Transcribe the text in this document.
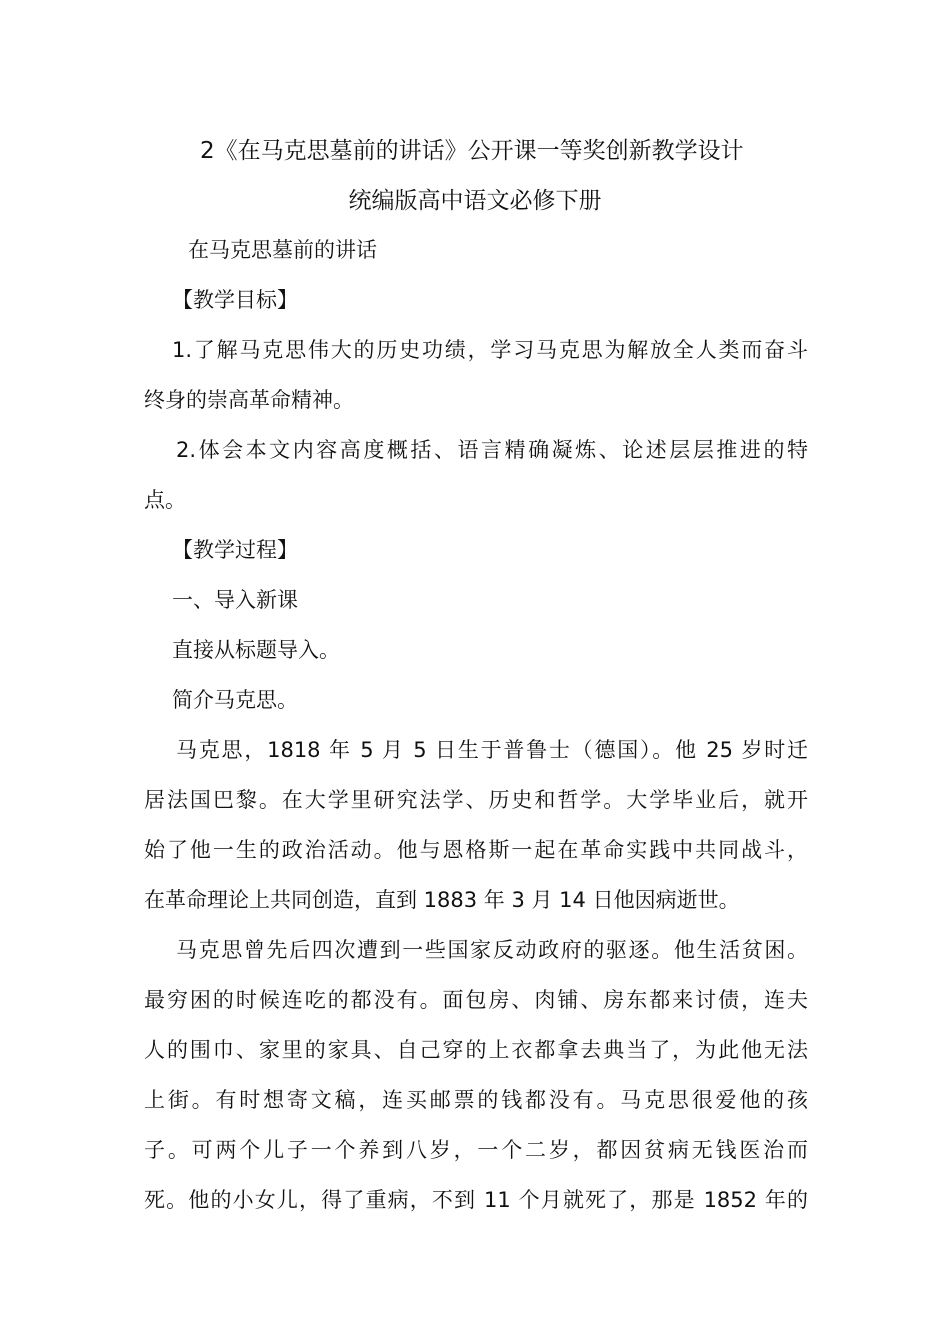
2《在马克思墓前的讲话》公开课一等奖创新教学设计
统编版高中语文必修下册
在马克思墓前的讲话
【教学目标】
1.了解马克思伟大的历史功绩，学习马克思为解放全人类而奋斗
终身的崇高革命精神。
2.体会本文内容高度概括、语言精确凝炼、论述层层推进的特
点。
【教学过程】
一、导入新课
直接从标题导入。
简介马克思。
马克思，1818 年 5 月 5 日生于普鲁士（德国）。他 25 岁时迁
居法国巴黎。在大学里研究法学、历史和哲学。大学毕业后，就开
始了他一生的政治活动。他与恩格斯一起在革命实践中共同战斗，
在革命理论上共同创造，直到 1883 年 3 月 14 日他因病逝世。
马克思曾先后四次遭到一些国家反动政府的驱逐。他生活贫困。
最穷困的时候连吃的都没有。面包房、肉铺、房东都来讨债，连夫
人的围巾、家里的家具、自己穿的上衣都拿去典当了，为此他无法
上街。有时想寄文稿，连买邮票的钱都没有。马克思很爱他的孩
子。可两个儿子一个养到八岁，一个二岁，都因贫病无钱医治而
死。他的小女儿，得了重病，不到 11 个月就死了，那是 1852 年的
